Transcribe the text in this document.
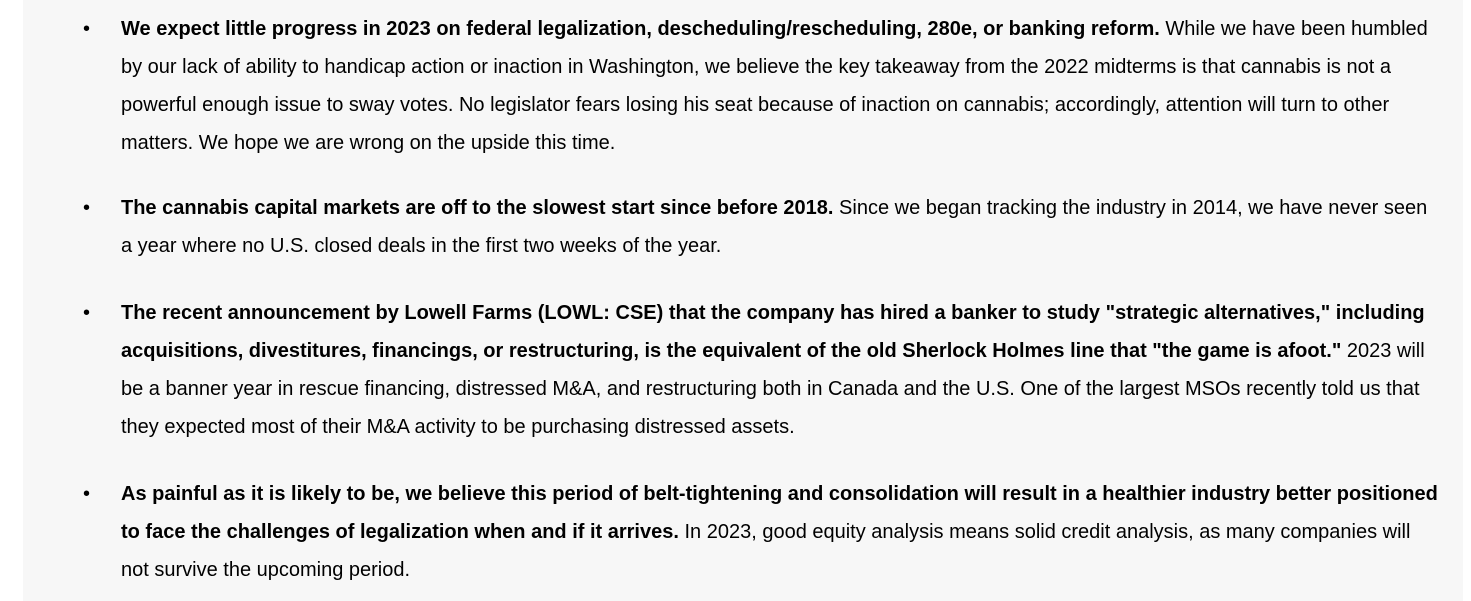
• We expect little progress in 2023 on federal legalization, descheduling/rescheduling, 280e, or banking reform. While we have been humbled by our lack of ability to handicap action or inaction in Washington, we believe the key takeaway from the 2022 midterms is that cannabis is not a powerful enough issue to sway votes. No legislator fears losing his seat because of inaction on cannabis; accordingly, attention will turn to other matters. We hope we are wrong on the upside this time.

• The cannabis capital markets are off to the slowest start since before 2018. Since we began tracking the industry in 2014, we have never seen a year where no U.S. closed deals in the first two weeks of the year.

• The recent announcement by Lowell Farms (LOWL: CSE) that the company has hired a banker to study "strategic alternatives," including acquisitions, divestitures, financings, or restructuring, is the equivalent of the old Sherlock Holmes line that "the game is afoot." 2023 will be a banner year in rescue financing, distressed M&A, and restructuring both in Canada and the U.S. One of the largest MSOs recently told us that they expected most of their M&A activity to be purchasing distressed assets.

• As painful as it is likely to be, we believe this period of belt-tightening and consolidation will result in a healthier industry better positioned to face the challenges of legalization when and if it arrives. In 2023, good equity analysis means solid credit analysis, as many companies will not survive the upcoming period.
